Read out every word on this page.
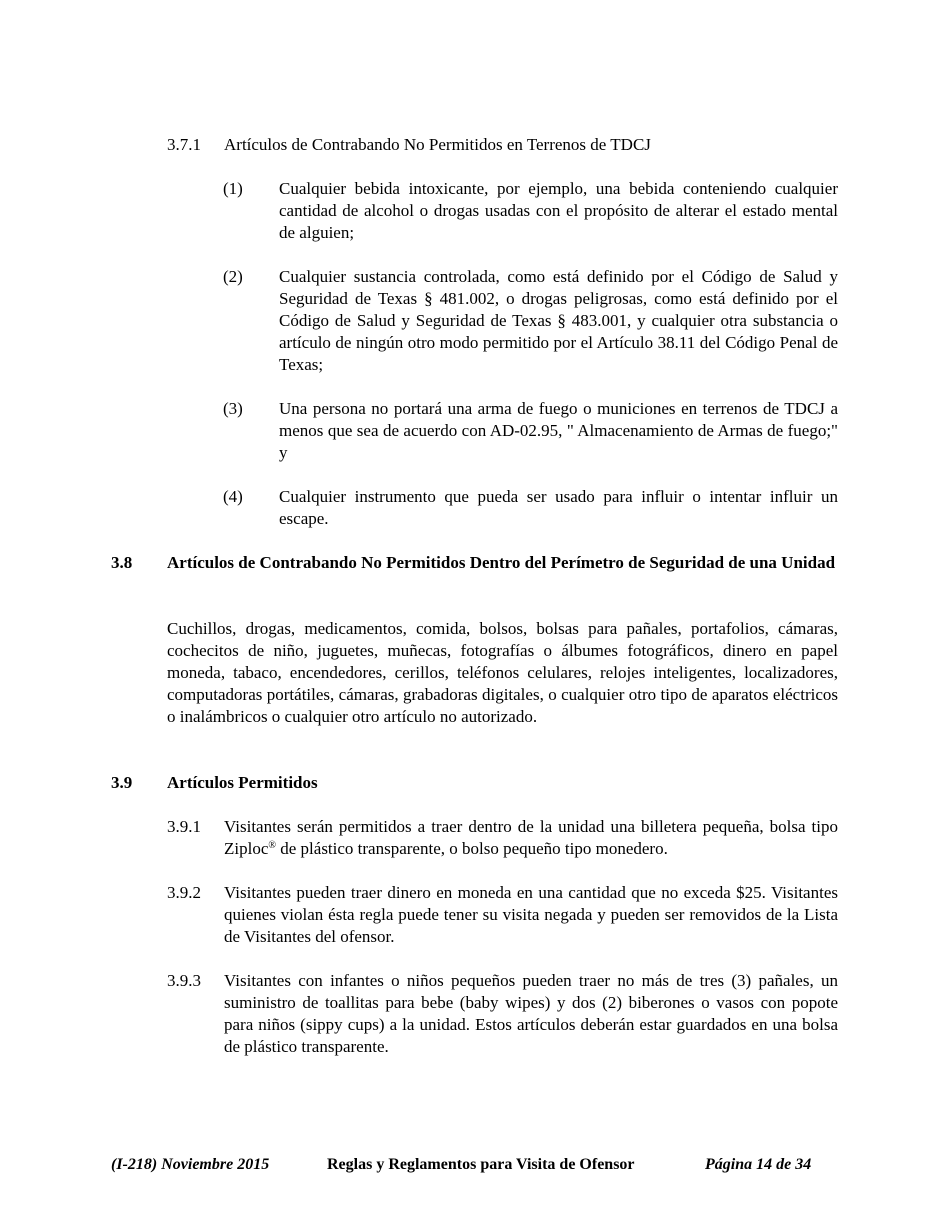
3.7.1 Artículos de Contrabando No Permitidos en Terrenos de TDCJ
(1) Cualquier bebida intoxicante, por ejemplo, una bebida conteniendo cualquier cantidad de alcohol o drogas usadas con el propósito de alterar el estado mental de alguien;
(2) Cualquier sustancia controlada, como está definido por el Código de Salud y Seguridad de Texas § 481.002, o drogas peligrosas, como está definido por el Código de Salud y Seguridad de Texas § 483.001, y cualquier otra substancia o artículo de ningún otro modo permitido por el Artículo 38.11 del Código Penal de Texas;
(3) Una persona no portará una arma de fuego o municiones en terrenos de TDCJ a menos que sea de acuerdo con AD-02.95, " Almacenamiento de Armas de fuego;" y
(4) Cualquier instrumento que pueda ser usado para influir o intentar influir un escape.
3.8 Artículos de Contrabando No Permitidos Dentro del Perímetro de Seguridad de una Unidad
Cuchillos, drogas, medicamentos, comida, bolsos, bolsas para pañales, portafolios, cámaras, cochecitos de niño, juguetes, muñecas, fotografías o álbumes fotográficos, dinero en papel moneda, tabaco, encendedores, cerillos, teléfonos celulares, relojes inteligentes, localizadores, computadoras portátiles, cámaras, grabadoras digitales, o cualquier otro tipo de aparatos eléctricos o inalámbricos o cualquier otro artículo no autorizado.
3.9 Artículos Permitidos
3.9.1 Visitantes serán permitidos a traer dentro de la unidad una billetera pequeña, bolsa tipo Ziploc® de plástico transparente, o bolso pequeño tipo monedero.
3.9.2 Visitantes pueden traer dinero en moneda en una cantidad que no exceda $25. Visitantes quienes violan ésta regla puede tener su visita negada y pueden ser removidos de la Lista de Visitantes del ofensor.
3.9.3 Visitantes con infantes o niños pequeños pueden traer no más de tres (3) pañales, un suministro de toallitas para bebe (baby wipes) y dos (2) biberones o vasos con popote para niños (sippy cups) a la unidad. Estos artículos deberán estar guardados en una bolsa de plástico transparente.
(I-218) Noviembre 2015	Reglas y Reglamentos para Visita de Ofensor	Página 14 de 34
